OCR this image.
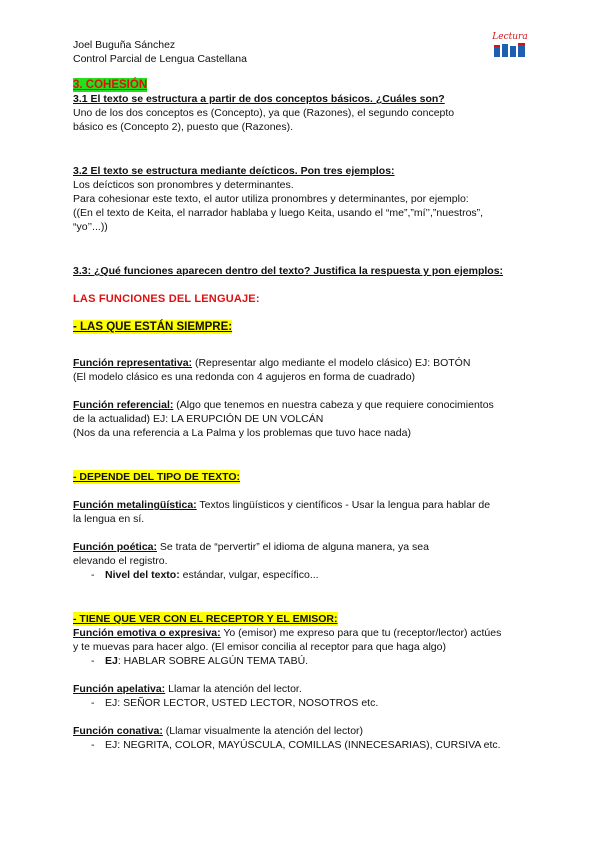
Lectura
Joel Buguña Sánchez
Control Parcial de Lengua Castellana
3. COHESIÓN
3.1 El texto se estructura a partir de dos conceptos básicos. ¿Cuáles son?
Uno de los dos conceptos es (Concepto), ya que (Razones), el segundo concepto
básico es (Concepto 2), puesto que (Razones).
3.2 El texto se estructura mediante deícticos. Pon tres ejemplos:
Los deícticos son pronombres y determinantes.
Para cohesionar este texto, el autor utiliza pronombres y determinantes, por ejemplo:
((En el texto de Keita, el narrador hablaba y luego Keita, usando el “me”,”mí’’,”nuestros”,
“yo’’...))
3.3: ¿Qué funciones aparecen dentro del texto? Justifica la respuesta y pon ejemplos:
LAS FUNCIONES DEL LENGUAJE:
- LAS QUE ESTÁN SIEMPRE:
Función representativa: (Representar algo mediante el modelo clásico) EJ: BOTÓN
(El modelo clásico es una redonda con 4 agujeros en forma de cuadrado)
Función referencial: (Algo que tenemos en nuestra cabeza y que requiere conocimientos
de la actualidad) EJ: LA ERUPCIÓN DE UN VOLCÁN
(Nos da una referencia a La Palma y los problemas que tuvo hace nada)
- DEPENDE DEL TIPO DE TEXTO:
Función metalingüística: Textos lingüísticos y científicos - Usar la lengua para hablar de
la lengua en sí.
Función poética: Se trata de “pervertir” el idioma de alguna manera, ya sea
elevando el registro.
- Nivel del texto: estándar, vulgar, específico...
- TIENE QUE VER CON EL RECEPTOR Y EL EMISOR:
Función emotiva o expresiva: Yo (emisor) me expreso para que tu (receptor/lector) actúes
y te muevas para hacer algo. (El emisor concilia al receptor para que haga algo)
- EJ: HABLAR SOBRE ALGÚN TEMA TABÚ.
Función apelativa: Llamar la atención del lector.
- EJ: SEÑOR LECTOR, USTED LECTOR, NOSOTROS etc.
Función conativa: (Llamar visualmente la atención del lector)
- EJ: NEGRITA, COLOR, MAYÚSCULA, COMILLAS (INNECESARIAS), CURSIVA etc.
